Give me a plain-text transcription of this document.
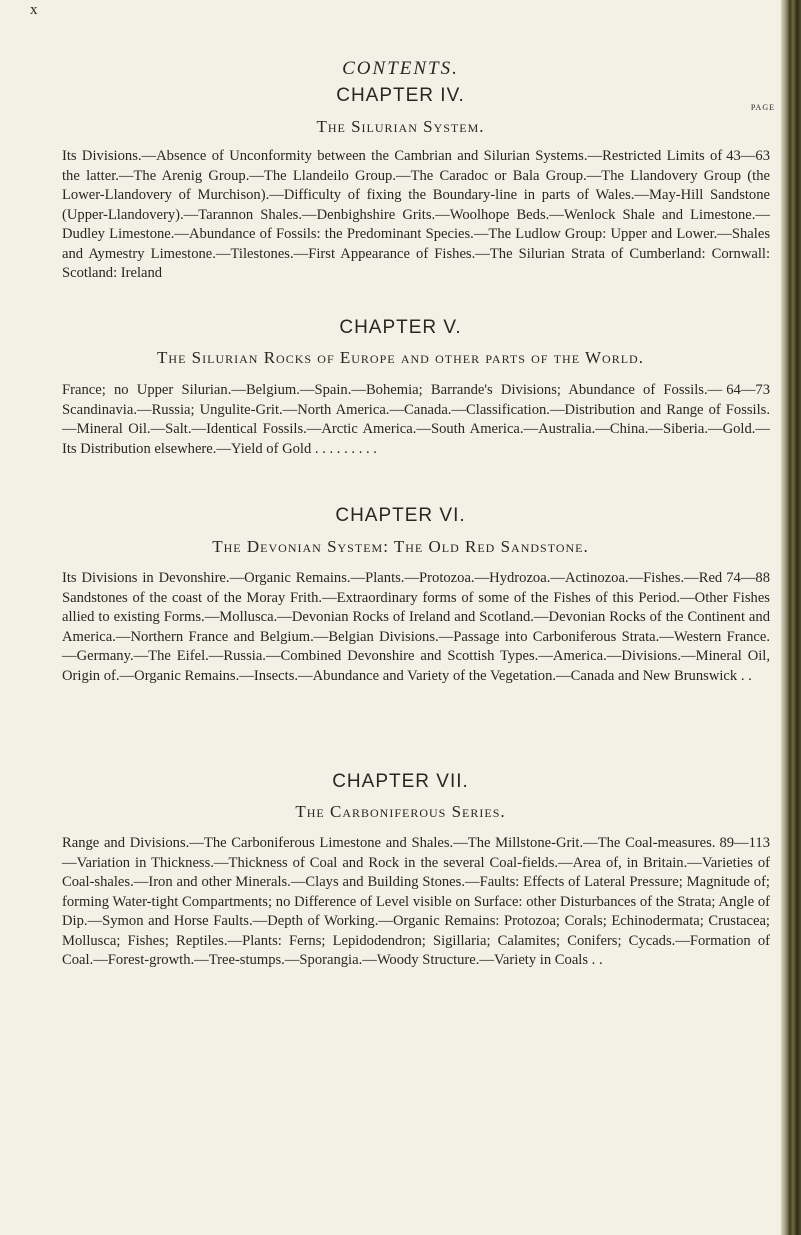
x
CONTENTS.
PAGE
CHAPTER IV.
The Silurian System.
43—63
Its Divisions.—Absence of Unconformity between the Cambrian and Silurian Systems.—Restricted Limits of the latter.—The Arenig Group.—The Llandeilo Group.—The Caradoc or Bala Group.—The Llandovery Group (the Lower-Llandovery of Murchison).—Difficulty of fixing the Boundary-line in parts of Wales.—May-Hill Sandstone (Upper-Llandovery).—Tarannon Shales.—Denbighshire Grits.—Woolhope Beds.—Wenlock Shale and Limestone.—Dudley Limestone.—Abundance of Fossils: the Predominant Species.—The Ludlow Group: Upper and Lower.—Shales and Aymestry Limestone.—Tilestones.—First Appearance of Fishes.—The Silurian Strata of Cumberland: Cornwall: Scotland: Ireland
CHAPTER V.
The Silurian Rocks of Europe and other parts of the World.
64—73
France; no Upper Silurian.—Belgium.—Spain.—Bohemia; Barrande's Divisions; Abundance of Fossils.—Scandinavia.—Russia; Ungulite-Grit.—North America.—Canada.—Classification.—Distribution and Range of Fossils.—Mineral Oil.—Salt.—Identical Fossils.—Arctic America.—South America.—Australia.—China.—Siberia.—Gold.—Its Distribution elsewhere.—Yield of Gold . . . . . . . . .
CHAPTER VI.
The Devonian System: The Old Red Sandstone.
74—88
Its Divisions in Devonshire.—Organic Remains.—Plants.—Protozoa.—Hydrozoa.—Actinozoa.—Fishes.—Red Sandstones of the coast of the Moray Frith.—Extraordinary forms of some of the Fishes of this Period.—Other Fishes allied to existing Forms.—Mollusca.—Devonian Rocks of Ireland and Scotland.—Devonian Rocks of the Continent and America.—Northern France and Belgium.—Belgian Divisions.—Passage into Carboniferous Strata.—Western France.—Germany.—The Eifel.—Russia.—Combined Devonshire and Scottish Types.—America.—Divisions.—Mineral Oil, Origin of.—Organic Remains.—Insects.—Abundance and Variety of the Vegetation.—Canada and New Brunswick . .
CHAPTER VII.
The Carboniferous Series.
89—113
Range and Divisions.—The Carboniferous Limestone and Shales.—The Millstone-Grit.—The Coal-measures.—Variation in Thickness.—Thickness of Coal and Rock in the several Coal-fields.—Area of, in Britain.—Varieties of Coal-shales.—Iron and other Minerals.—Clays and Building Stones.—Faults: Effects of Lateral Pressure; Magnitude of; forming Water-tight Compartments; no Difference of Level visible on Surface: other Disturbances of the Strata; Angle of Dip.—Symon and Horse Faults.—Depth of Working.—Organic Remains: Protozoa; Corals; Echinodermata; Crustacea; Mollusca; Fishes; Reptiles.—Plants: Ferns; Lepidodendron; Sigillaria; Calamites; Conifers; Cycads.—Formation of Coal.—Forest-growth.—Tree-stumps.—Sporangia.—Woody Structure.—Variety in Coals . .
